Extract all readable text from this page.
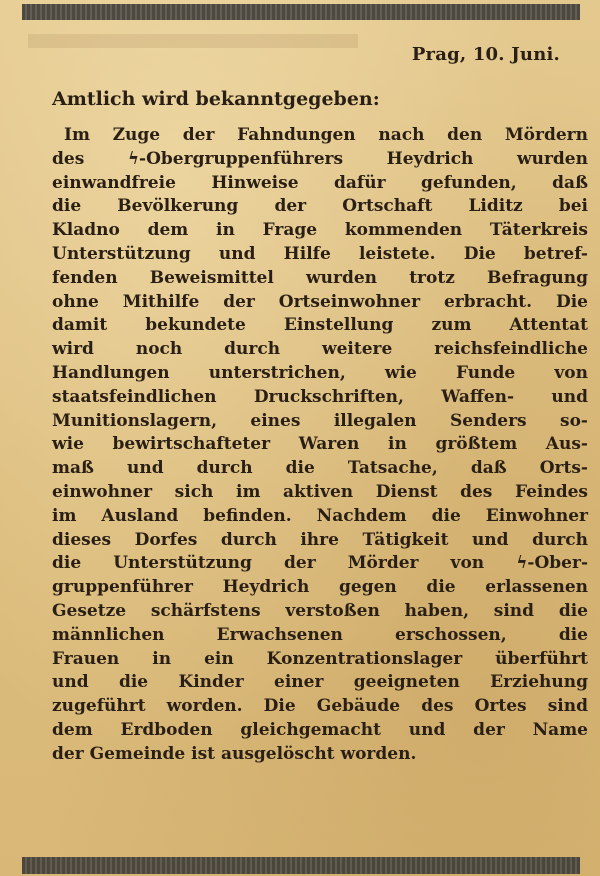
Prag, 10. Juni.
Amtlich wird bekanntgegeben:
Im Zuge der Fahndungen nach den Mördern
des ϟ-Obergruppenführers Heydrich wurden
einwandfreie Hinweise dafür gefunden, daß
die Bevölkerung der Ortschaft Liditz bei
Kladno dem in Frage kommenden Täterkreis
Unterstützung und Hilfe leistete. Die betref-
fenden Beweismittel wurden trotz Befragung
ohne Mithilfe der Ortseinwohner erbracht. Die
damit bekundete Einstellung zum Attentat
wird noch durch weitere reichsfeindliche
Handlungen unterstrichen, wie Funde von
staatsfeindlichen Druckschriften, Waffen- und
Munitionslagern, eines illegalen Senders so-
wie bewirtschafteter Waren in größtem Aus-
maß und durch die Tatsache, daß Orts-
einwohner sich im aktiven Dienst des Feindes
im Ausland befinden. Nachdem die Einwohner
dieses Dorfes durch ihre Tätigkeit und durch
die Unterstützung der Mörder von ϟ-Ober-
gruppenführer Heydrich gegen die erlassenen
Gesetze schärfstens verstoßen haben, sind die
männlichen Erwachsenen erschossen, die
Frauen in ein Konzentrationslager überführt
und die Kinder einer geeigneten Erziehung
zugeführt worden. Die Gebäude des Ortes sind
dem Erdboden gleichgemacht und der Name
der Gemeinde ist ausgelöscht worden.
